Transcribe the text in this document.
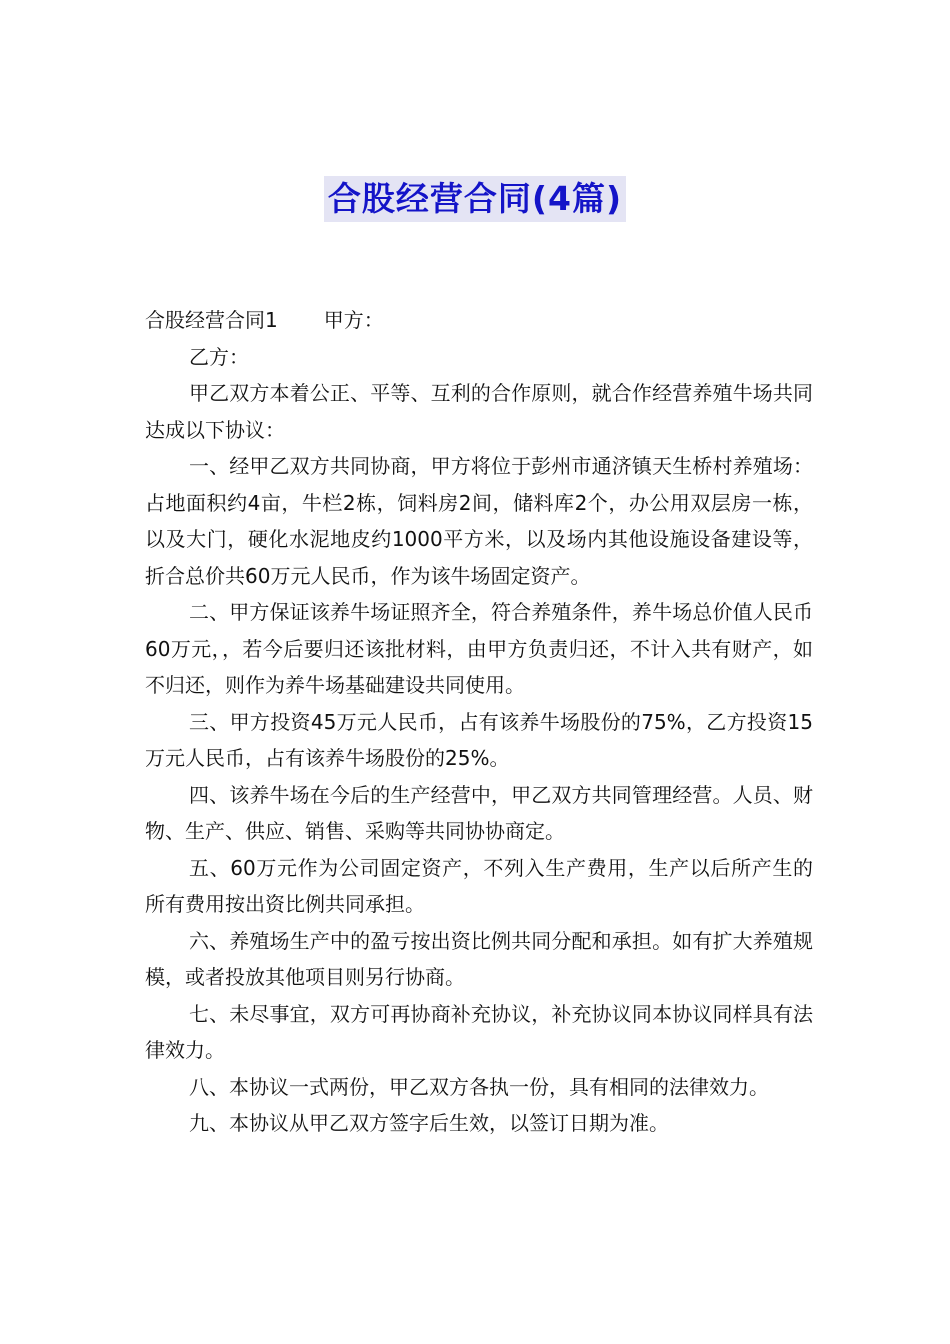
合股经营合同(4篇)

合股经营合同1 甲方：

乙方：

甲乙双方本着公正、平等、互利的合作原则，就合作经营养殖牛场共同达成以下协议：

一、经甲乙双方共同协商，甲方将位于彭州市通济镇天生桥村养殖场：占地面积约4亩，牛栏2栋，饲料房2间，储料库2个，办公用双层房一栋，以及大门，硬化水泥地皮约1000平方米，以及场内其他设施设备建设等，折合总价共60万元人民币，作为该牛场固定资产。

二、甲方保证该养牛场证照齐全，符合养殖条件，养牛场总价值人民币60万元，，若今后要归还该批材料，由甲方负责归还，不计入共有财产，如不归还，则作为养牛场基础建设共同使用。

三、甲方投资45万元人民币，占有该养牛场股份的75%，乙方投资15万元人民币，占有该养牛场股份的25%。

四、该养牛场在今后的生产经营中，甲乙双方共同管理经营。人员、财物、生产、供应、销售、采购等共同协协商定。

五、60万元作为公司固定资产，不列入生产费用，生产以后所产生的所有费用按出资比例共同承担。

六、养殖场生产中的盈亏按出资比例共同分配和承担。如有扩大养殖规模，或者投放其他项目则另行协商。

七、未尽事宜，双方可再协商补充协议，补充协议同本协议同样具有法律效力。

八、本协议一式两份，甲乙双方各执一份，具有相同的法律效力。

九、本协议从甲乙双方签字后生效，以签订日期为准。
